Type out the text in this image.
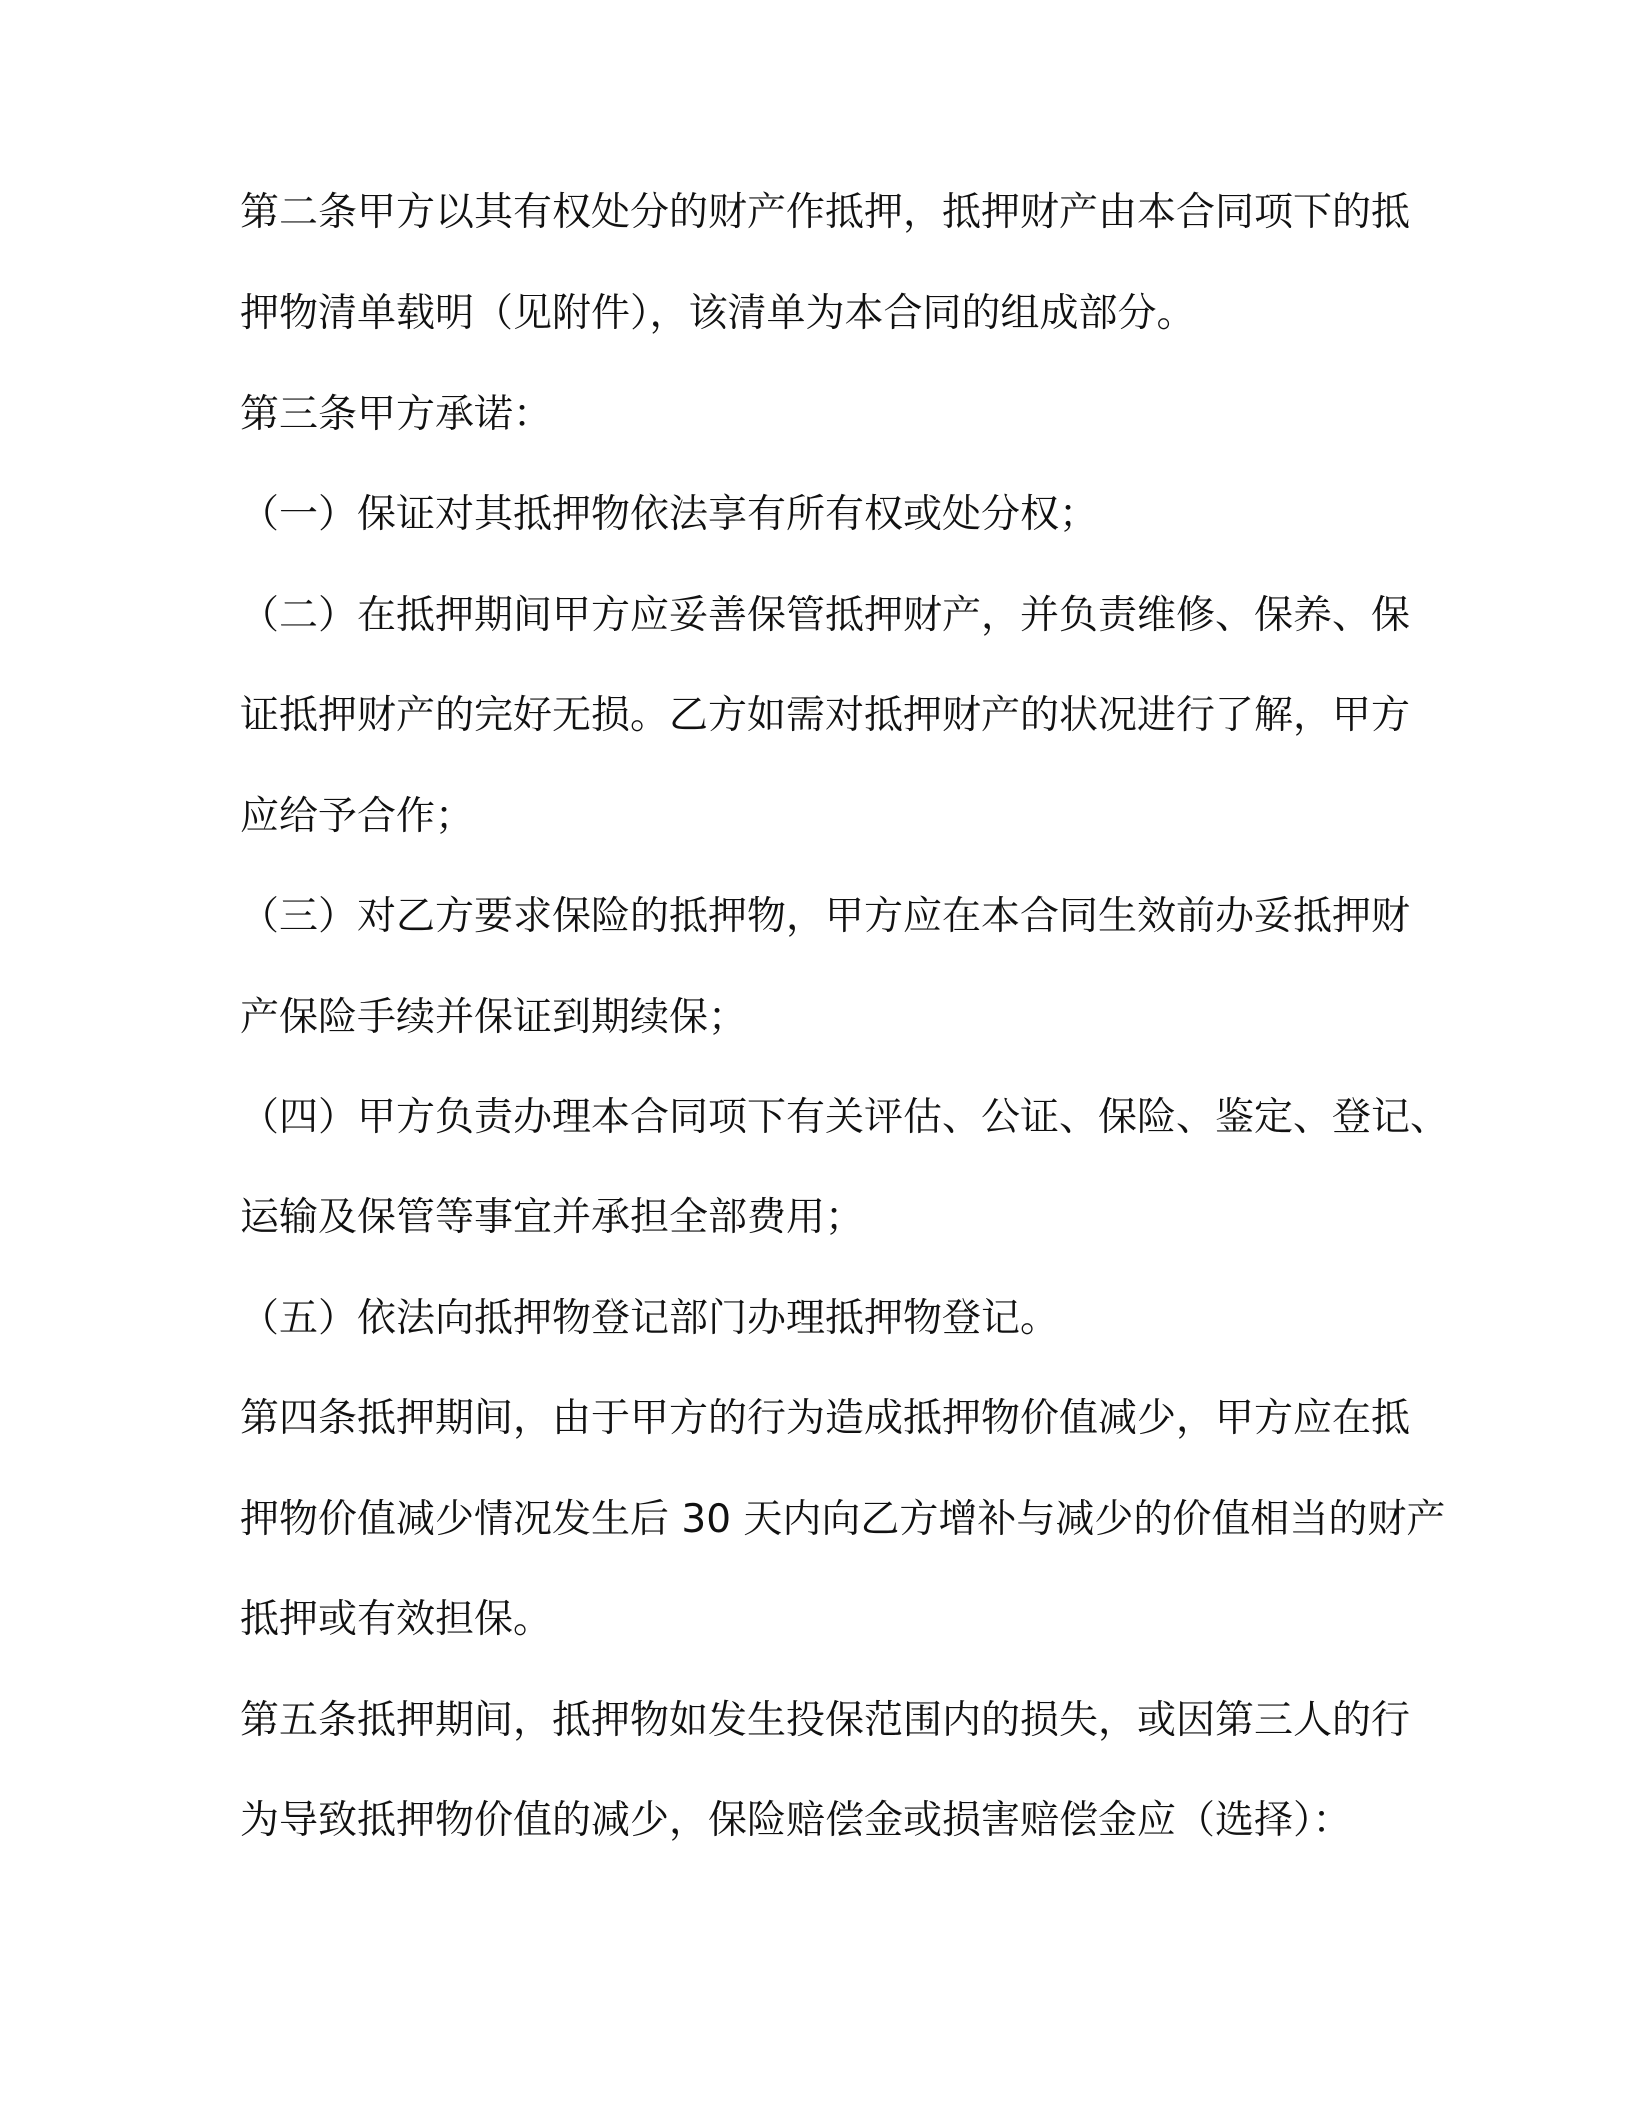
第二条甲方以其有权处分的财产作抵押，抵押财产由本合同项下的抵
押物清单载明（见附件），该清单为本合同的组成部分。
第三条甲方承诺：
（一）保证对其抵押物依法享有所有权或处分权；
（二）在抵押期间甲方应妥善保管抵押财产，并负责维修、保养、保
证抵押财产的完好无损。乙方如需对抵押财产的状况进行了解，甲方
应给予合作；
（三）对乙方要求保险的抵押物，甲方应在本合同生效前办妥抵押财
产保险手续并保证到期续保；
（四）甲方负责办理本合同项下有关评估、公证、保险、鉴定、登记、
运输及保管等事宜并承担全部费用；
（五）依法向抵押物登记部门办理抵押物登记。
第四条抵押期间，由于甲方的行为造成抵押物价值减少，甲方应在抵
押物价值减少情况发生后 30 天内向乙方增补与减少的价值相当的财产
抵押或有效担保。
第五条抵押期间，抵押物如发生投保范围内的损失，或因第三人的行
为导致抵押物价值的减少，保险赔偿金或损害赔偿金应（选择）：
